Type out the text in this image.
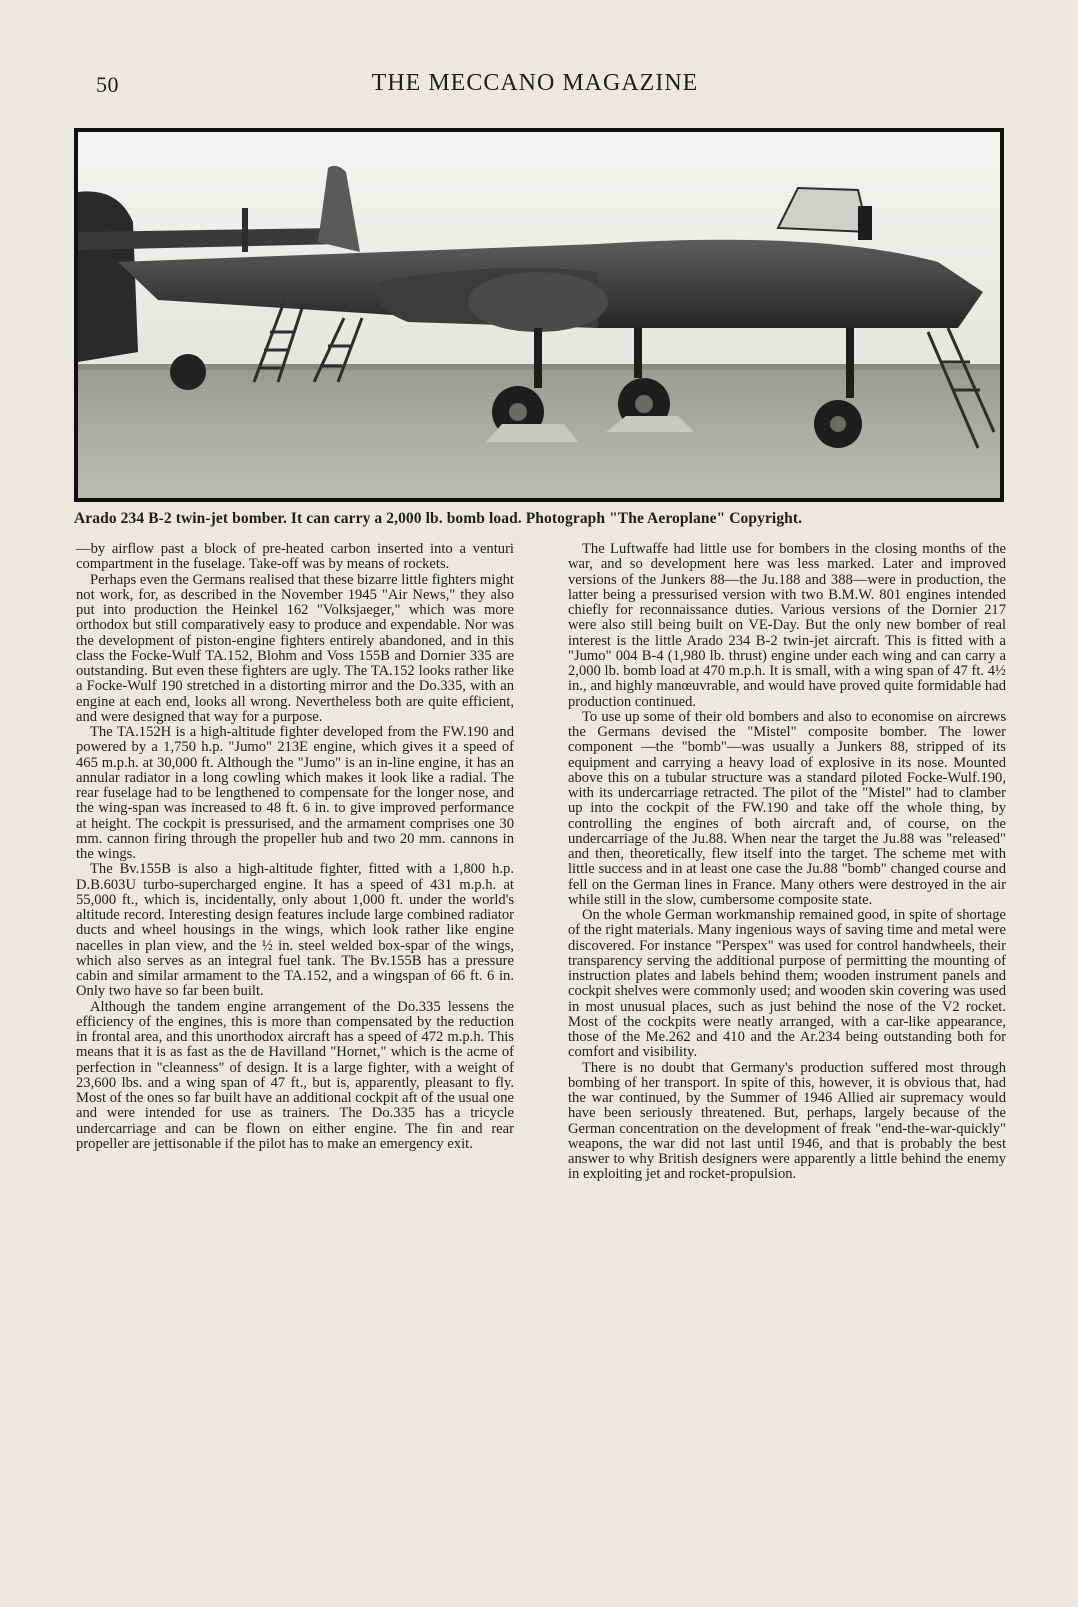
50	THE MECCANO MAGAZINE
Arado 234 B-2 twin-jet bomber. It can carry a 2,000 lb. bomb load. Photograph "The Aeroplane" Copyright.

—by airflow past a block of pre-heated carbon inserted into a venturi compartment in the fuselage. Take-off was by means of rockets.

Perhaps even the Germans realised that these bizarre little fighters might not work, for, as described in the November 1945 "Air News," they also put into production the Heinkel 162 "Volksjaeger," which was more orthodox but still comparatively easy to produce and expendable. Nor was the development of piston-engine fighters entirely abandoned, and in this class the Focke-Wulf TA.152, Blohm and Voss 155B and Dornier 335 are outstanding. But even these fighters are ugly. The TA.152 looks rather like a Focke-Wulf 190 stretched in a distorting mirror and the Do.335, with an engine at each end, looks all wrong. Nevertheless both are quite efficient, and were designed that way for a purpose.

The TA.152H is a high-altitude fighter developed from the FW.190 and powered by a 1,750 h.p. "Jumo" 213E engine, which gives it a speed of 465 m.p.h. at 30,000 ft. Although the "Jumo" is an in-line engine, it has an annular radiator in a long cowling which makes it look like a radial. The rear fuselage had to be lengthened to compensate for the longer nose, and the wing-span was increased to 48 ft. 6 in. to give improved performance at height. The cockpit is pressurised, and the armament comprises one 30 mm. cannon firing through the propeller hub and two 20 mm. cannons in the wings.

The Bv.155B is also a high-altitude fighter, fitted with a 1,800 h.p. D.B.603U turbo-supercharged engine. It has a speed of 431 m.p.h. at 55,000 ft., which is, incidentally, only about 1,000 ft. under the world's altitude record. Interesting design features include large combined radiator ducts and wheel housings in the wings, which look rather like engine nacelles in plan view, and the ½ in. steel welded box-spar of the wings, which also serves as an integral fuel tank. The Bv.155B has a pressure cabin and similar armament to the TA.152, and a wingspan of 66 ft. 6 in. Only two have so far been built.

Although the tandem engine arrangement of the Do.335 lessens the efficiency of the engines, this is more than compensated by the reduction in frontal area, and this unorthodox aircraft has a speed of 472 m.p.h. This means that it is as fast as the de Havilland "Hornet," which is the acme of perfection in "cleanness" of design. It is a large fighter, with a weight of 23,600 lbs. and a wing span of 47 ft., but is, apparently, pleasant to fly. Most of the ones so far built have an additional cockpit aft of the usual one and were intended for use as trainers. The Do.335 has a tricycle undercarriage and can be flown on either engine. The fin and rear propeller are jettisonable if the pilot has to make an emergency exit.

The Luftwaffe had little use for bombers in the closing months of the war, and so development here was less marked. Later and improved versions of the Junkers 88—the Ju.188 and 388—were in production, the latter being a pressurised version with two B.M.W. 801 engines intended chiefly for reconnaissance duties. Various versions of the Dornier 217 were also still being built on VE-Day. But the only new bomber of real interest is the little Arado 234 B-2 twin-jet aircraft. This is fitted with a "Jumo" 004 B-4 (1,980 lb. thrust) engine under each wing and can carry a 2,000 lb. bomb load at 470 m.p.h. It is small, with a wing span of 47 ft. 4½ in., and highly manœuvrable, and would have proved quite formidable had production continued.

To use up some of their old bombers and also to economise on aircrews the Germans devised the "Mistel" composite bomber. The lower component —the "bomb"—was usually a Junkers 88, stripped of its equipment and carrying a heavy load of explosive in its nose. Mounted above this on a tubular structure was a standard piloted Focke-Wulf.190, with its undercarriage retracted. The pilot of the "Mistel" had to clamber up into the cockpit of the FW.190 and take off the whole thing, by controlling the engines of both aircraft and, of course, on the undercarriage of the Ju.88. When near the target the Ju.88 was "released" and then, theoretically, flew itself into the target. The scheme met with little success and in at least one case the Ju.88 "bomb" changed course and fell on the German lines in France. Many others were destroyed in the air while still in the slow, cumbersome composite state.

On the whole German workmanship remained good, in spite of shortage of the right materials. Many ingenious ways of saving time and metal were discovered. For instance "Perspex" was used for control handwheels, their transparency serving the additional purpose of permitting the mounting of instruction plates and labels behind them; wooden instrument panels and cockpit shelves were commonly used; and wooden skin covering was used in most unusual places, such as just behind the nose of the V2 rocket. Most of the cockpits were neatly arranged, with a car-like appearance, those of the Me.262 and 410 and the Ar.234 being outstanding both for comfort and visibility.

There is no doubt that Germany's production suffered most through bombing of her transport. In spite of this, however, it is obvious that, had the war continued, by the Summer of 1946 Allied air supremacy would have been seriously threatened. But, perhaps, largely because of the German concentration on the development of freak "end-the-war-quickly" weapons, the war did not last until 1946, and that is probably the best answer to why British designers were apparently a little behind the enemy in exploiting jet and rocket-propulsion.
